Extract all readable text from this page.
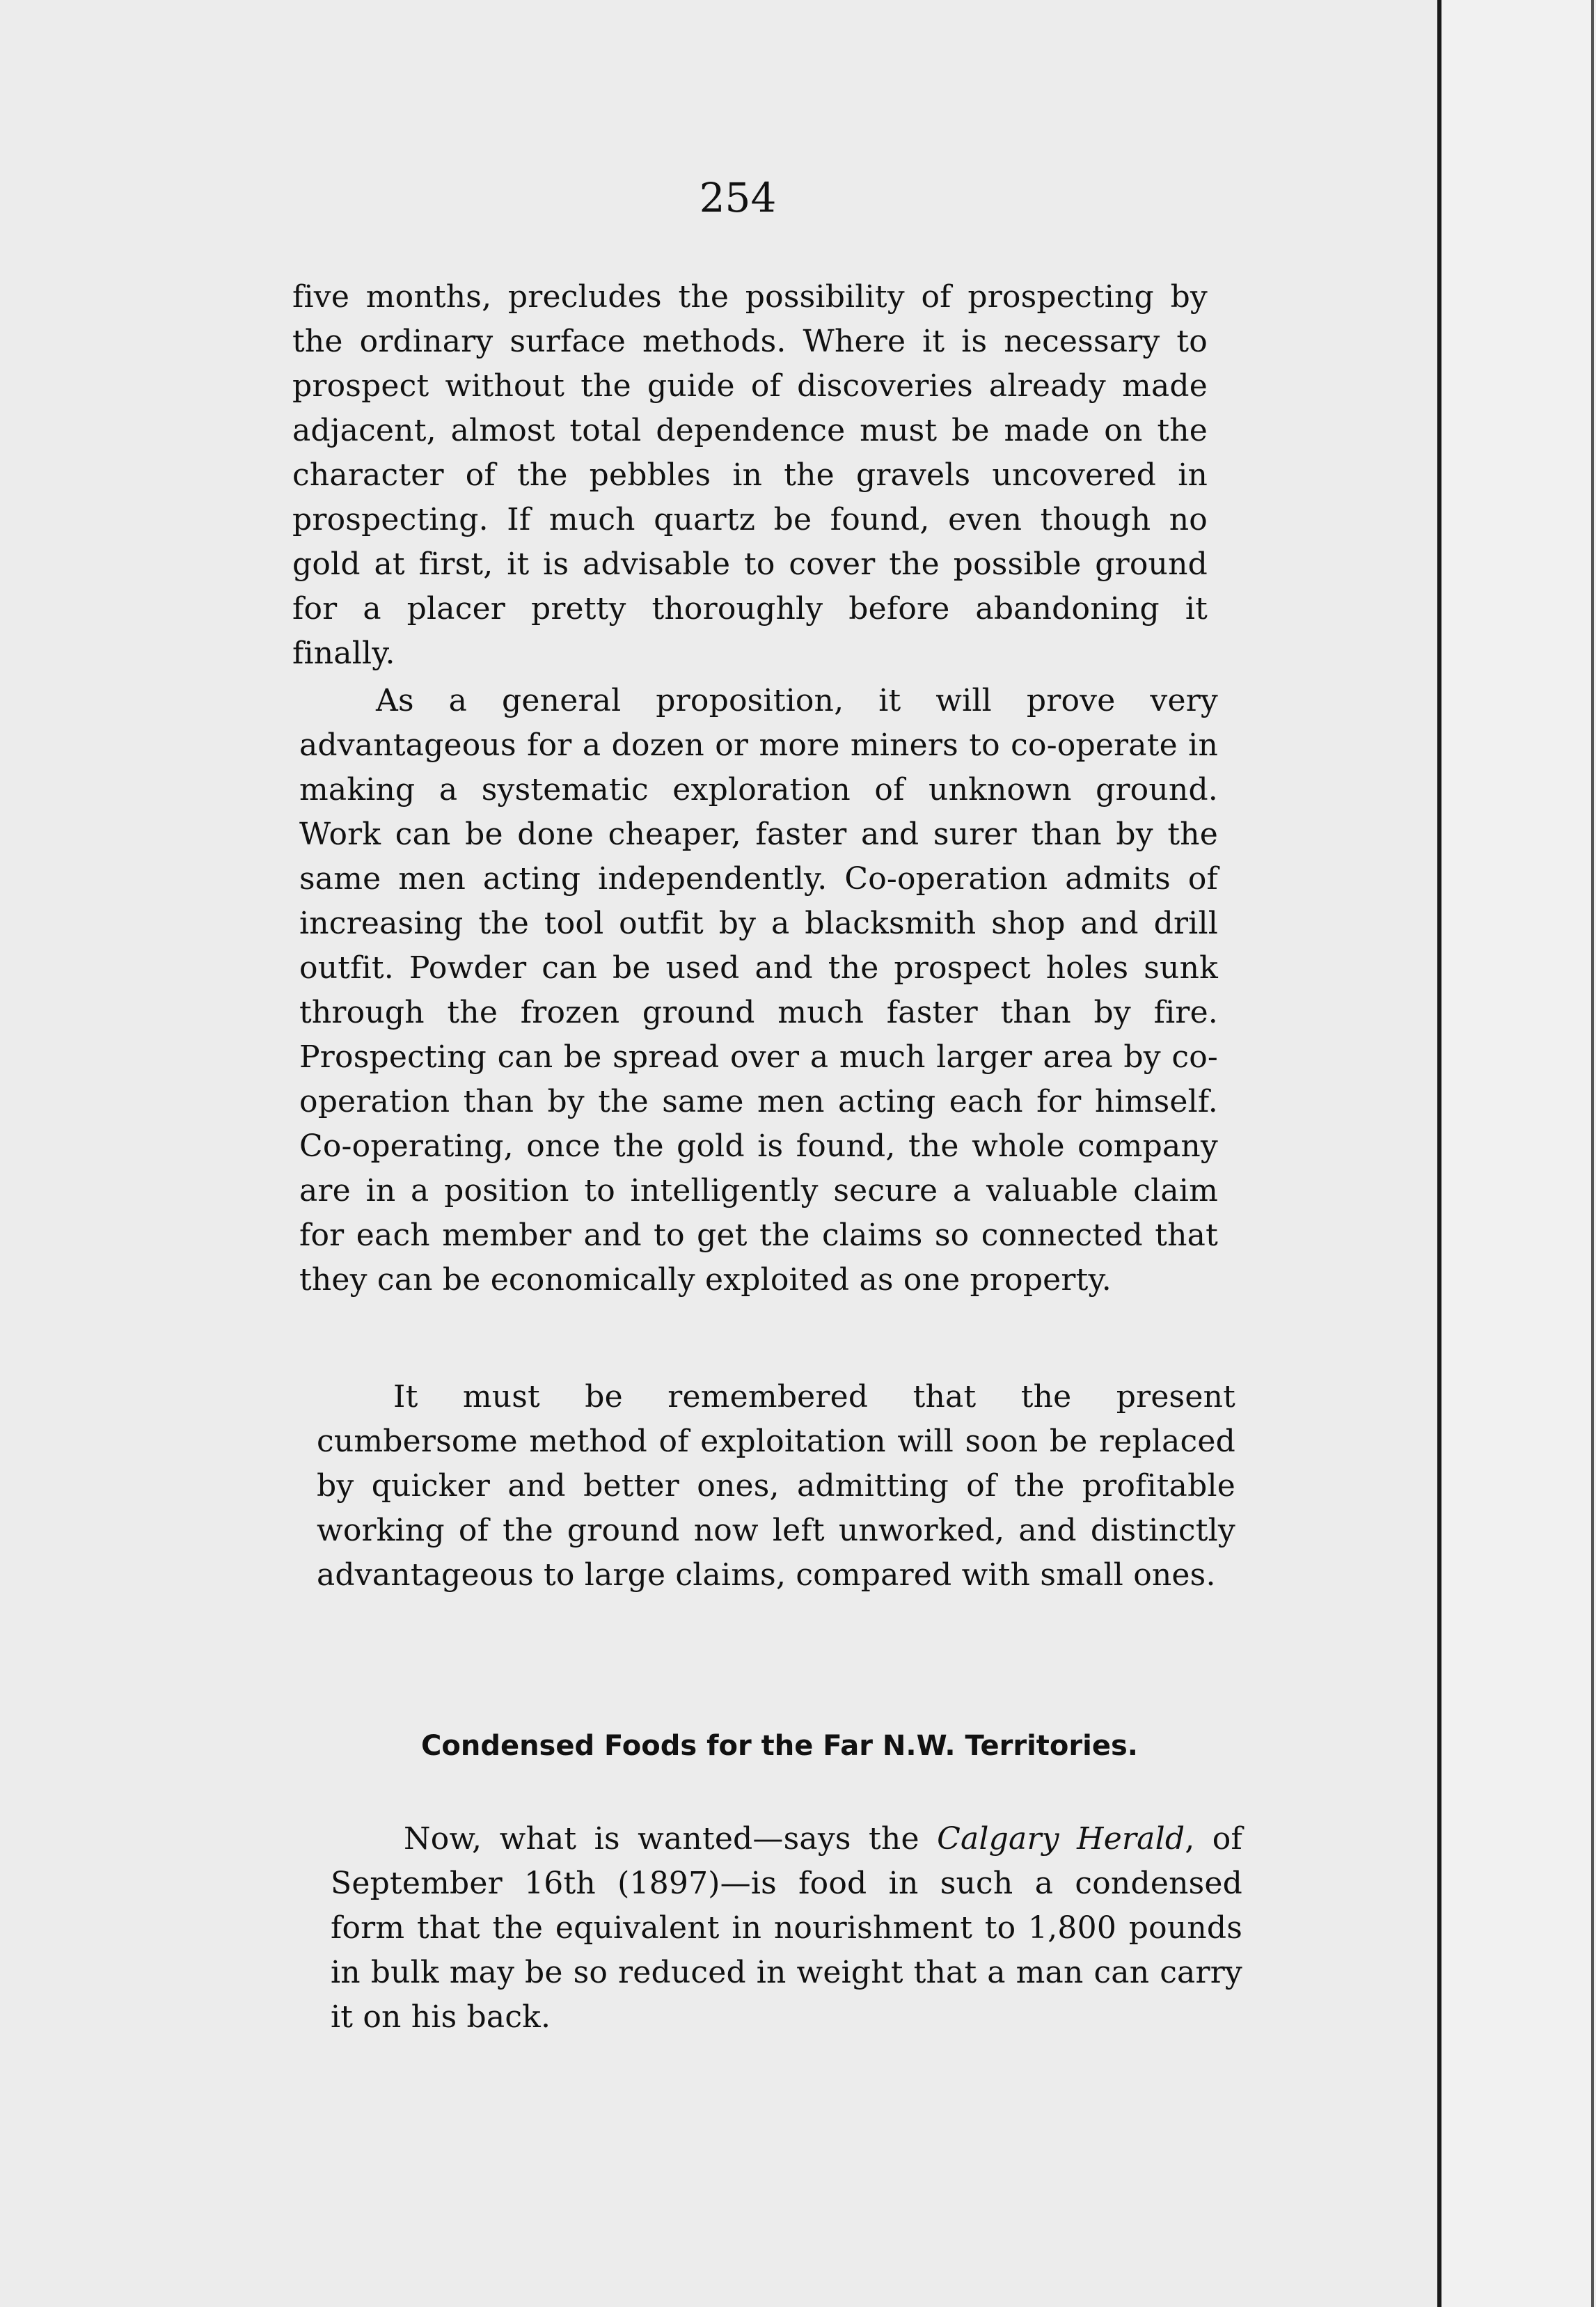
254
five months, precludes the possibility of prospecting by the ordinary surface methods. Where it is necessary to prospect without the guide of discoveries already made adjacent, almost total dependence must be made on the character of the pebbles in the gravels uncovered in prospecting. If much quartz be found, even though no gold at first, it is advisable to cover the possible ground for a placer pretty thoroughly before abandoning it finally.
As a general proposition, it will prove very advantageous for a dozen or more miners to co-operate in making a systematic exploration of unknown ground. Work can be done cheaper, faster and surer than by the same men acting independently. Co-operation admits of increasing the tool outfit by a blacksmith shop and drill outfit. Powder can be used and the prospect holes sunk through the frozen ground much faster than by fire. Prospecting can be spread over a much larger area by co-operation than by the same men acting each for himself. Co-operating, once the gold is found, the whole company are in a position to intelligently secure a valuable claim for each member and to get the claims so connected that they can be economically exploited as one property.
It must be remembered that the present cumbersome method of exploitation will soon be replaced by quicker and better ones, admitting of the profitable working of the ground now left unworked, and distinctly advantageous to large claims, compared with small ones.
Condensed Foods for the Far N.W. Territories.
Now, what is wanted—says the Calgary Herald, of September 16th (1897)—is food in such a condensed form that the equivalent in nourishment to 1,800 pounds in bulk may be so reduced in weight that a man can carry it on his back.
